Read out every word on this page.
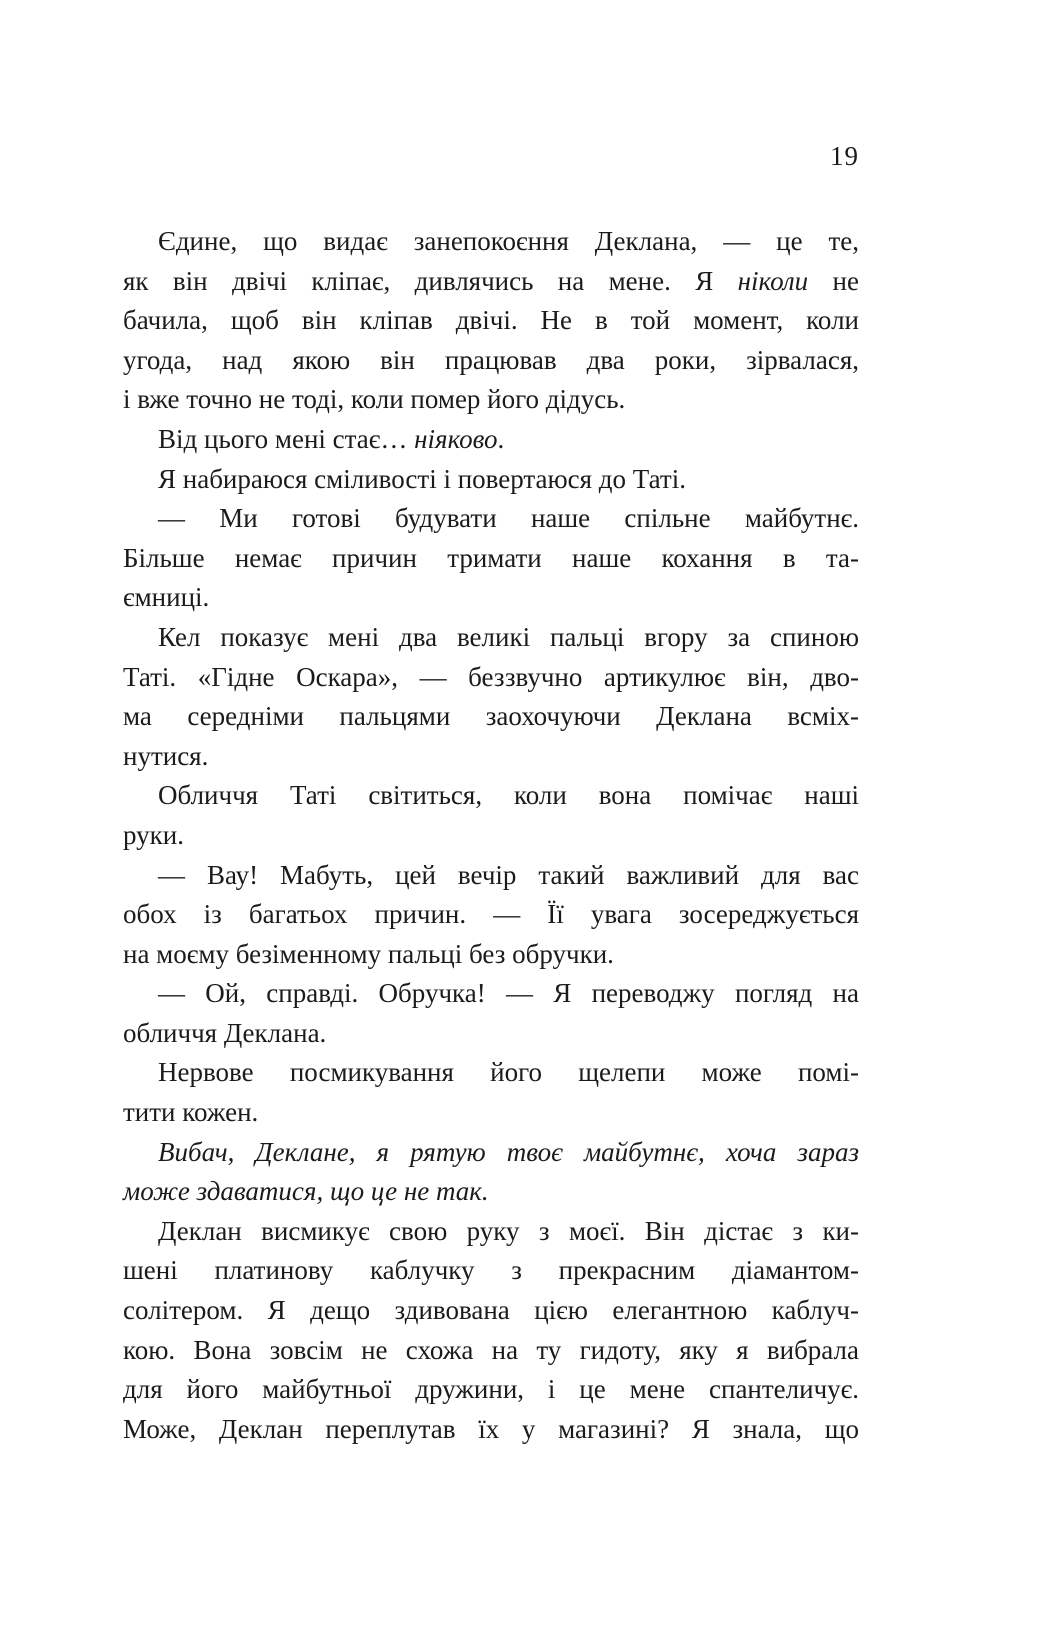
19
Єдине, що видає занепокоєння Деклана, — це те,
як він двічі кліпає, дивлячись на мене. Я ніколи не
бачила, щоб він кліпав двічі. Не в той момент, коли
угода, над якою він працював два роки, зірвалася,
і вже точно не тоді, коли помер його дідусь.
Від цього мені стає… ніяково.
Я набираюся сміливості і повертаюся до Таті.
— Ми готові будувати наше спільне майбутнє.
Більше немає причин тримати наше кохання в та-
ємниці.
Кел показує мені два великі пальці вгору за спиною
Таті. «Гідне Оскара», — беззвучно артикулює він, дво-
ма середніми пальцями заохочуючи Деклана всміх-
нутися.
Обличчя Таті світиться, коли вона помічає наші
руки.
— Вау! Мабуть, цей вечір такий важливий для вас
обох із багатьох причин. — Її увага зосереджується
на моєму безіменному пальці без обручки.
— Ой, справді. Обручка! — Я переводжу погляд на
обличчя Деклана.
Нервове посмикування його щелепи може помі-
тити кожен.
Вибач, Деклане, я рятую твоє майбутнє, хоча зараз
може здаватися, що це не так.
Деклан висмикує свою руку з моєї. Він дістає з ки-
шені платинову каблучку з прекрасним діамантом-
солітером. Я дещо здивована цією елегантною каблуч-
кою. Вона зовсім не схожа на ту гидоту, яку я вибрала
для його майбутньої дружини, і це мене спантеличує.
Може, Деклан переплутав їх у магазині? Я знала, що
